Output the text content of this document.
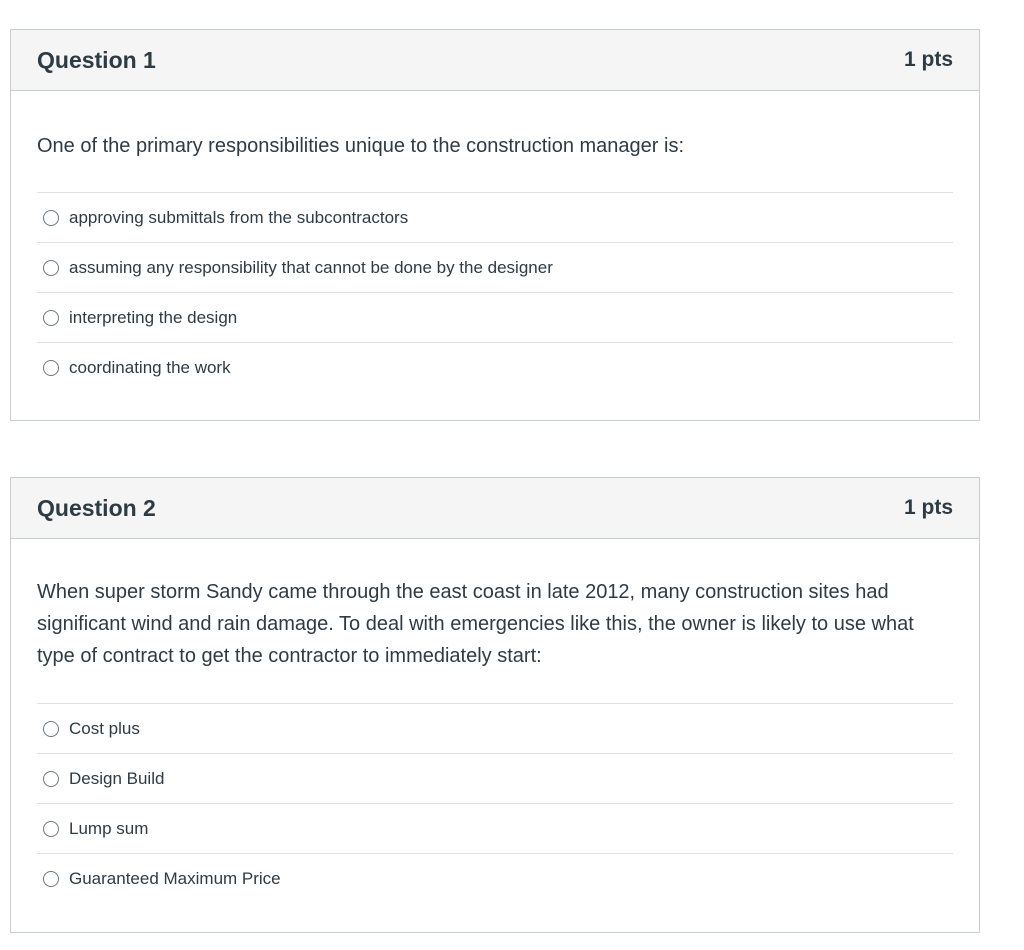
Question 1	1 pts

One of the primary responsibilities unique to the construction manager is:

approving submittals from the subcontractors
assuming any responsibility that cannot be done by the designer
interpreting the design
coordinating the work
Question 2	1 pts

When super storm Sandy came through the east coast in late 2012, many construction sites had significant wind and rain damage. To deal with emergencies like this, the owner is likely to use what type of contract to get the contractor to immediately start:

Cost plus
Design Build
Lump sum
Guaranteed Maximum Price
